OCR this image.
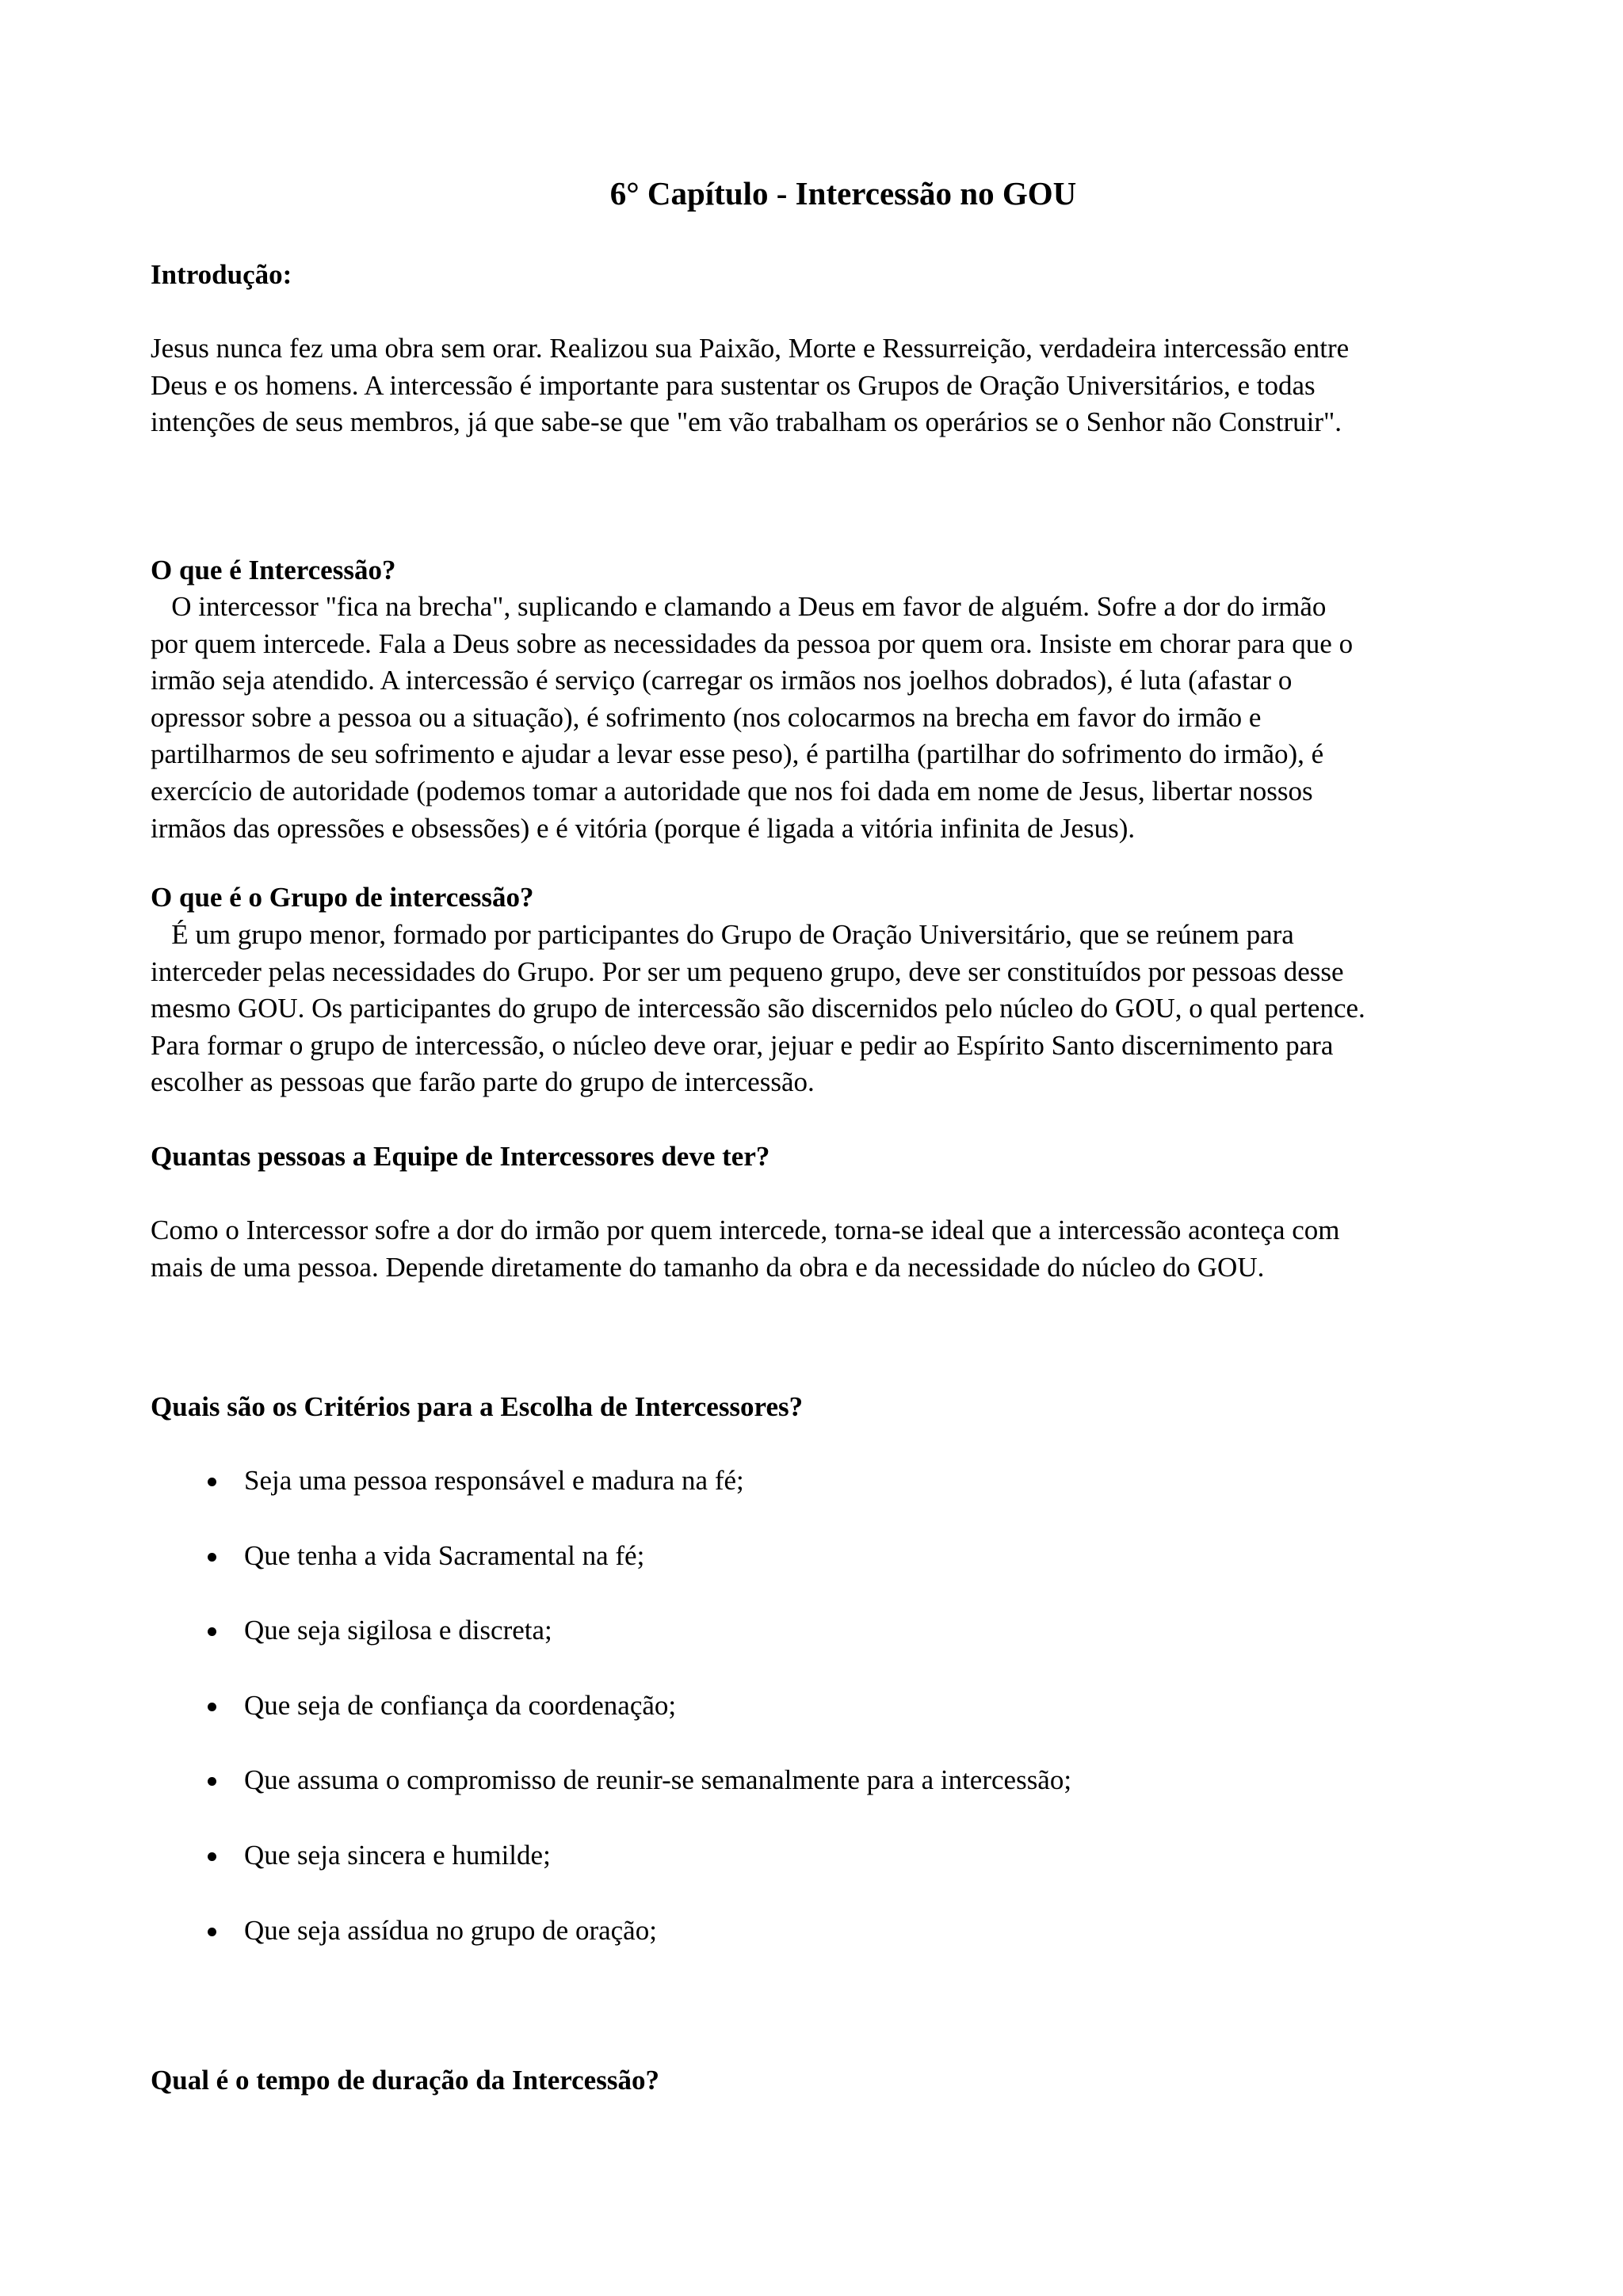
6° Capítulo - Intercessão no GOU
Introdução:
Jesus nunca fez uma obra sem orar. Realizou sua Paixão, Morte e Ressurreição, verdadeira intercessão entre
Deus e os homens. A intercessão é importante para sustentar os Grupos de Oração Universitários, e todas
intenções de seus membros, já que sabe-se que "em vão trabalham os operários se o Senhor não Construir".
O que é Intercessão?
O intercessor "fica na brecha", suplicando e clamando a Deus em favor de alguém. Sofre a dor do irmão
por quem intercede. Fala a Deus sobre as necessidades da pessoa por quem ora. Insiste em chorar para que o
irmão seja atendido. A intercessão é serviço (carregar os irmãos nos joelhos dobrados), é luta (afastar o
opressor sobre a pessoa ou a situação), é sofrimento (nos colocarmos na brecha em favor do irmão e
partilharmos de seu sofrimento e ajudar a levar esse peso), é partilha (partilhar do sofrimento do irmão), é
exercício de autoridade (podemos tomar a autoridade que nos foi dada em nome de Jesus, libertar nossos
irmãos das opressões e obsessões) e é vitória (porque é ligada a vitória infinita de Jesus).
O que é o Grupo de intercessão?
É um grupo menor, formado por participantes do Grupo de Oração Universitário, que se reúnem para
interceder pelas necessidades do Grupo. Por ser um pequeno grupo, deve ser constituídos por pessoas desse
mesmo GOU. Os participantes do grupo de intercessão são discernidos pelo núcleo do GOU, o qual pertence.
Para formar o grupo de intercessão, o núcleo deve orar, jejuar e pedir ao Espírito Santo discernimento para
escolher as pessoas que farão parte do grupo de intercessão.
Quantas pessoas a Equipe de Intercessores deve ter?
Como o Intercessor sofre a dor do irmão por quem intercede, torna-se ideal que a intercessão aconteça com
mais de uma pessoa. Depende diretamente do tamanho da obra e da necessidade do núcleo do GOU.
Quais são os Critérios para a Escolha de Intercessores?
Seja uma pessoa responsável e madura na fé;
Que tenha a vida Sacramental na fé;
Que seja sigilosa e discreta;
Que seja de confiança da coordenação;
Que assuma o compromisso de reunir-se semanalmente para a intercessão;
Que seja sincera e humilde;
Que seja assídua no grupo de oração;
Qual é o tempo de duração da Intercessão?
